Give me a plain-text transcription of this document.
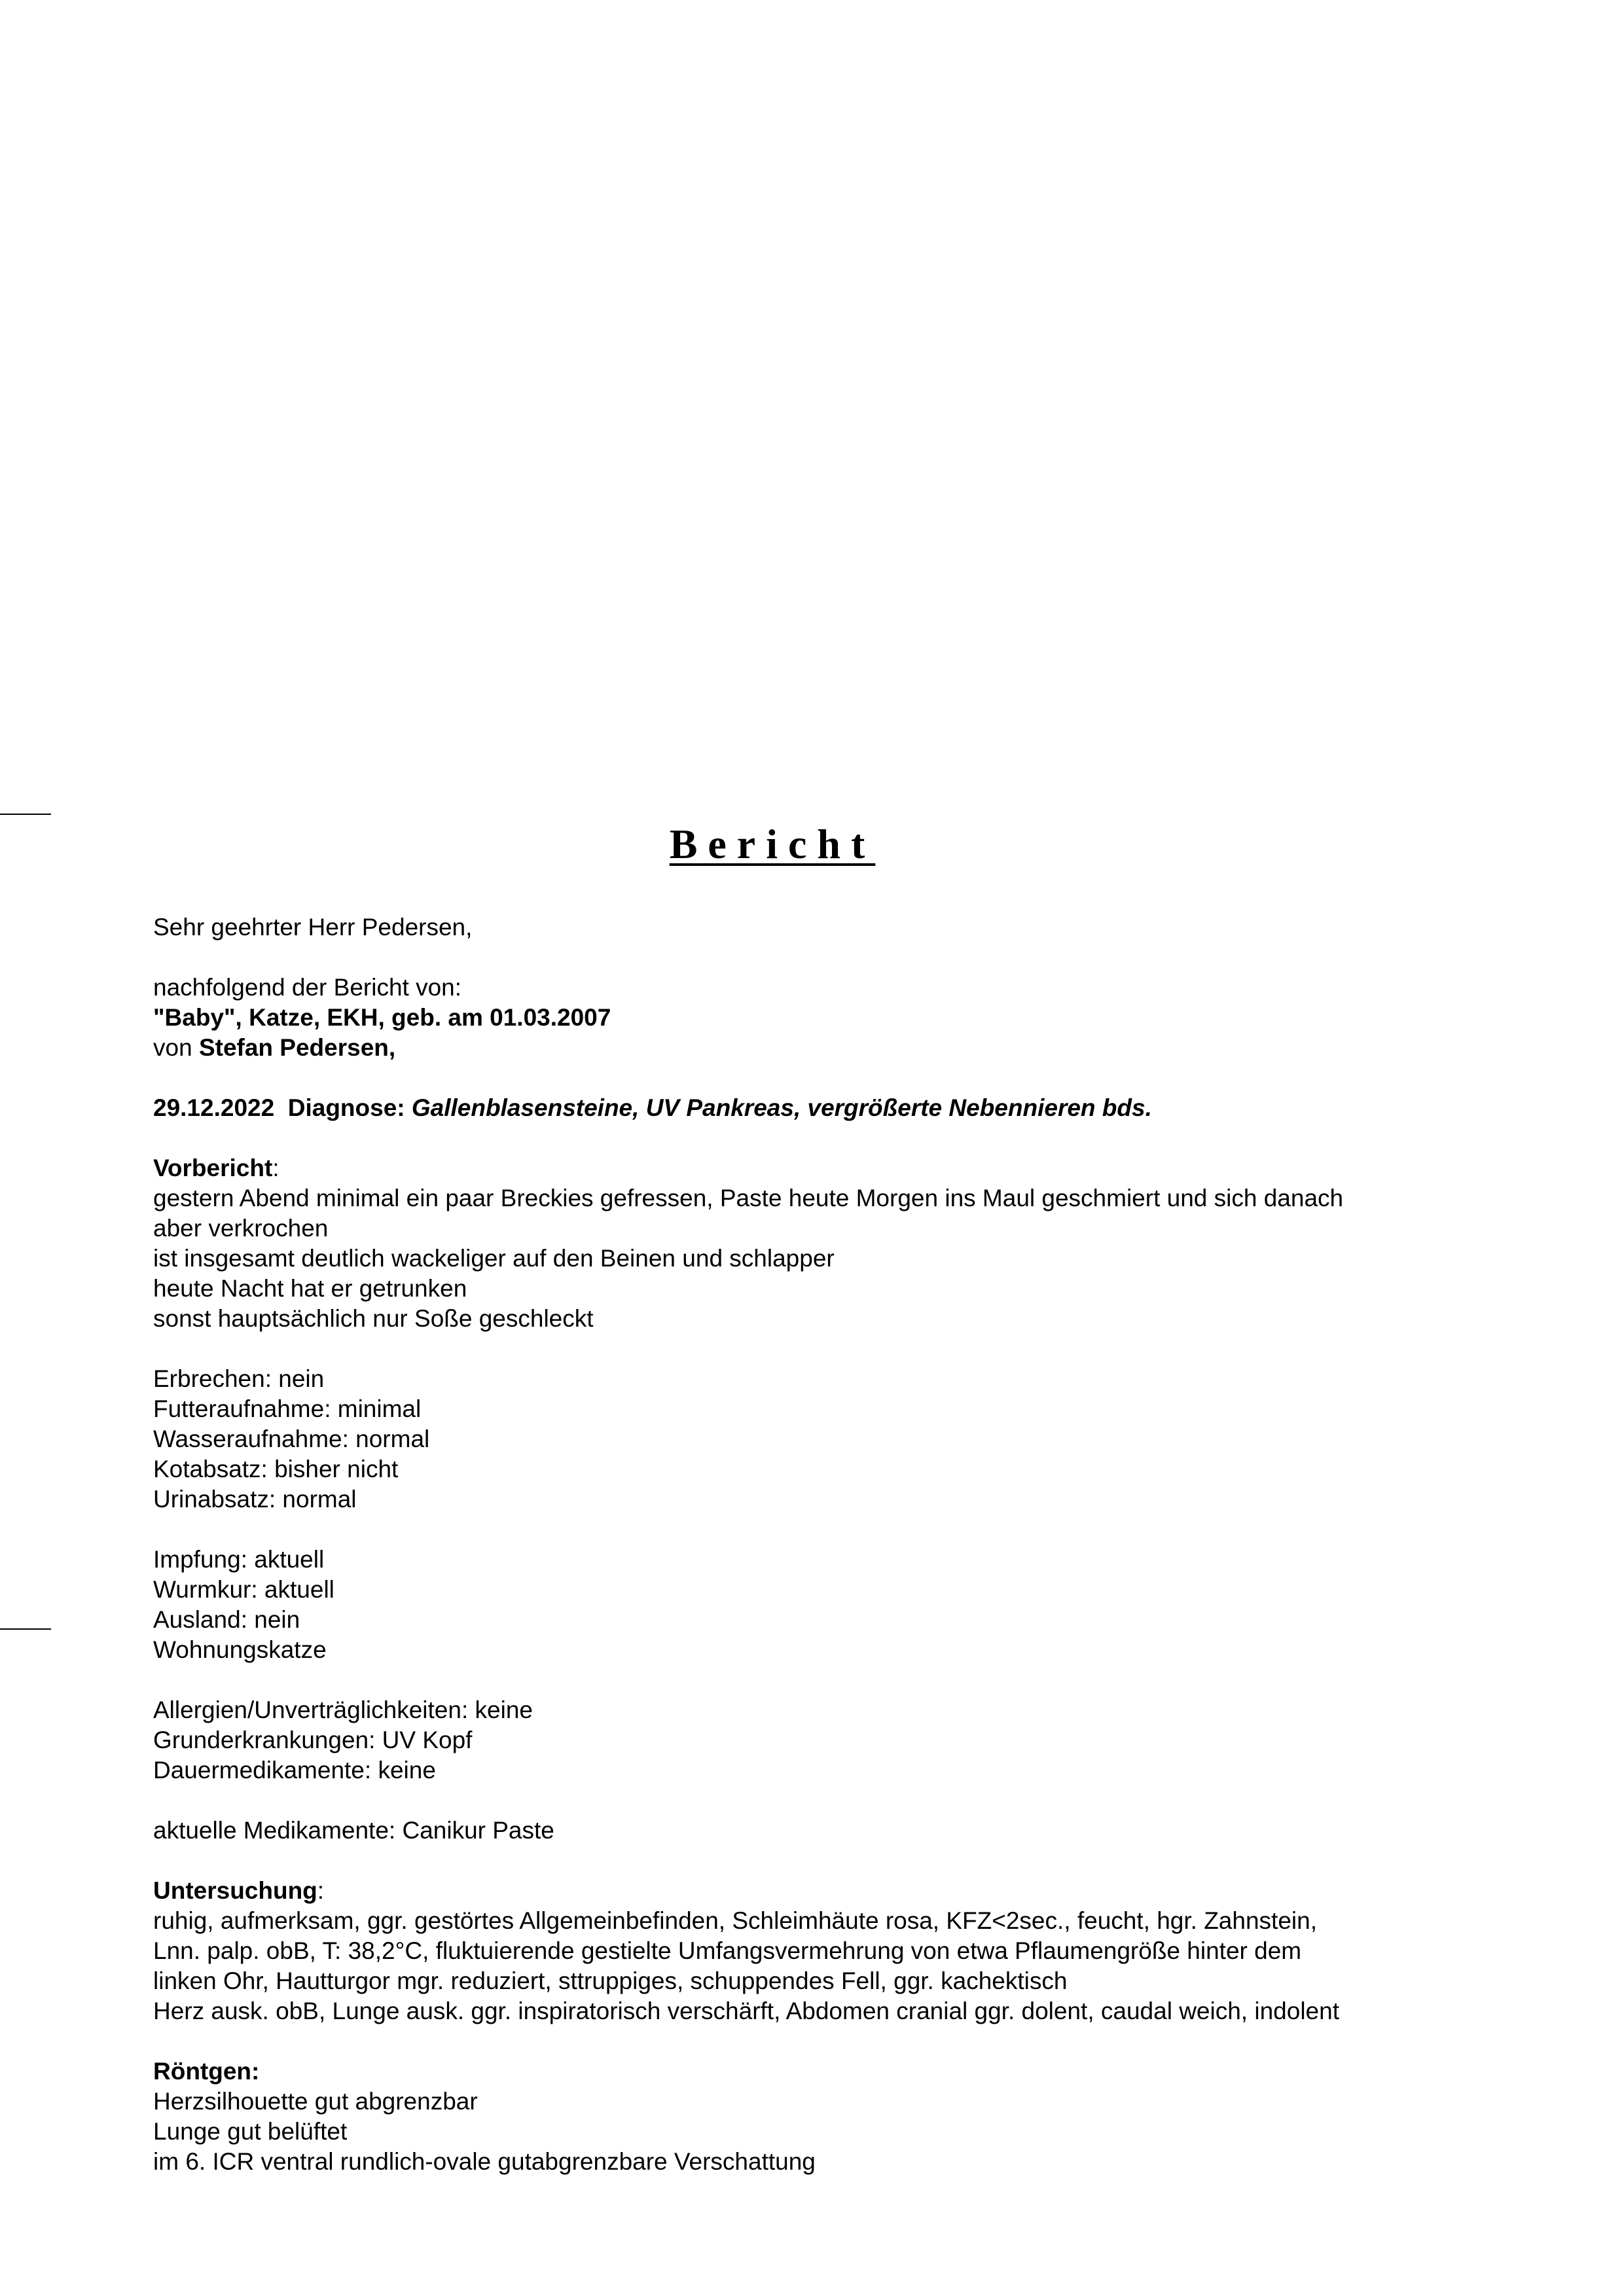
Bericht
Sehr geehrter Herr Pedersen,
nachfolgend der Bericht von:
"Baby", Katze, EKH, geb. am 01.03.2007
von Stefan Pedersen,
29.12.2022 Diagnose: Gallenblasensteine, UV Pankreas, vergrößerte Nebennieren bds.
Vorbericht:
gestern Abend minimal ein paar Breckies gefressen, Paste heute Morgen ins Maul geschmiert und sich danach
aber verkrochen
ist insgesamt deutlich wackeliger auf den Beinen und schlapper
heute Nacht hat er getrunken
sonst hauptsächlich nur Soße geschleckt
Erbrechen: nein
Futteraufnahme: minimal
Wasseraufnahme: normal
Kotabsatz: bisher nicht
Urinabsatz: normal
Impfung: aktuell
Wurmkur: aktuell
Ausland: nein
Wohnungskatze
Allergien/Unverträglichkeiten: keine
Grunderkrankungen: UV Kopf
Dauermedikamente: keine
aktuelle Medikamente: Canikur Paste
Untersuchung:
ruhig, aufmerksam, ggr. gestörtes Allgemeinbefinden, Schleimhäute rosa, KFZ<2sec., feucht, hgr. Zahnstein,
Lnn. palp. obB, T: 38,2°C, fluktuierende gestielte Umfangsvermehrung von etwa Pflaumengröße hinter dem
linken Ohr, Hautturgor mgr. reduziert, sttruppiges, schuppendes Fell, ggr. kachektisch
Herz ausk. obB, Lunge ausk. ggr. inspiratorisch verschärft, Abdomen cranial ggr. dolent, caudal weich, indolent
Röntgen:
Herzsilhouette gut abgrenzbar
Lunge gut belüftet
im 6. ICR ventral rundlich-ovale gutabgrenzbare Verschattung
